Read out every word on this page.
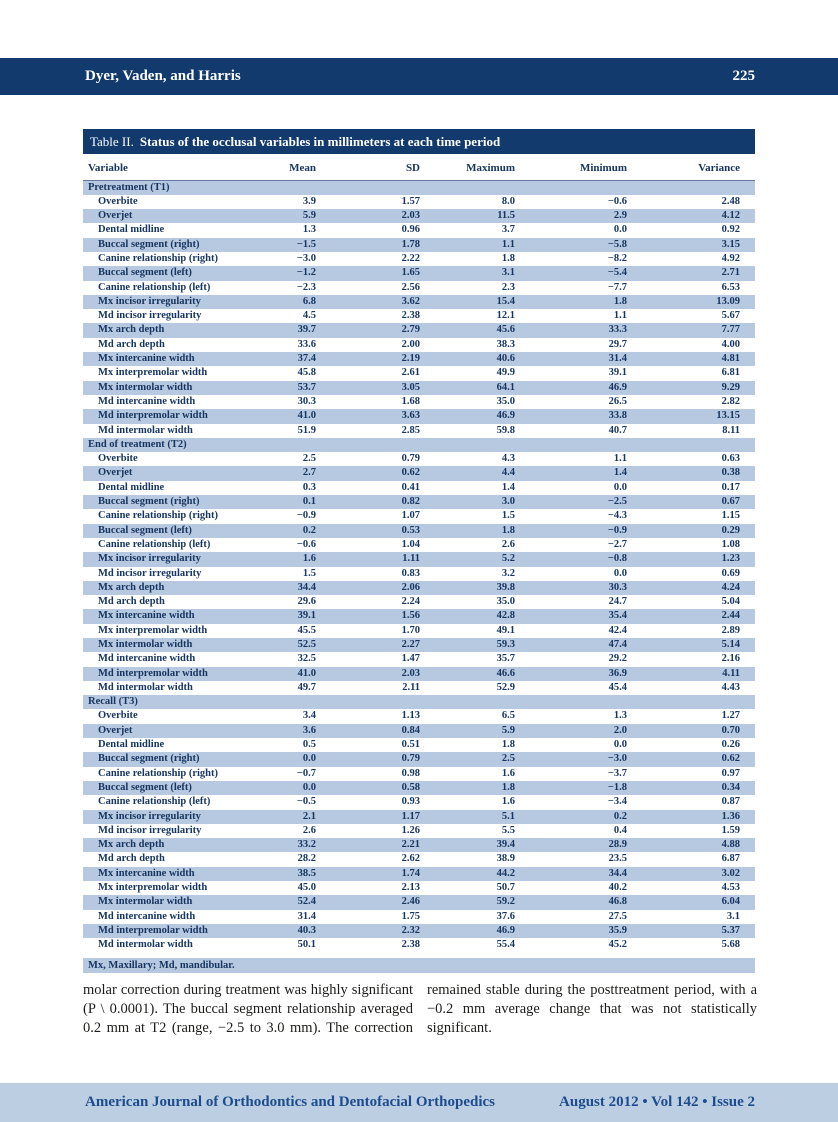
Dyer, Vaden, and Harris	225
Table II. Status of the occlusal variables in millimeters at each time period
Variable	Mean	SD	Maximum	Minimum	Variance
Pretreatment (T1)					
Overbite	3.9	1.57	8.0	−0.6	2.48
Overjet	5.9	2.03	11.5	2.9	4.12
Dental midline	1.3	0.96	3.7	0.0	0.92
Buccal segment (right)	−1.5	1.78	1.1	−5.8	3.15
Canine relationship (right)	−3.0	2.22	1.8	−8.2	4.92
Buccal segment (left)	−1.2	1.65	3.1	−5.4	2.71
Canine relationship (left)	−2.3	2.56	2.3	−7.7	6.53
Mx incisor irregularity	6.8	3.62	15.4	1.8	13.09
Md incisor irregularity	4.5	2.38	12.1	1.1	5.67
Mx arch depth	39.7	2.79	45.6	33.3	7.77
Md arch depth	33.6	2.00	38.3	29.7	4.00
Mx intercanine width	37.4	2.19	40.6	31.4	4.81
Mx interpremolar width	45.8	2.61	49.9	39.1	6.81
Mx intermolar width	53.7	3.05	64.1	46.9	9.29
Md intercanine width	30.3	1.68	35.0	26.5	2.82
Md interpremolar width	41.0	3.63	46.9	33.8	13.15
Md intermolar width	51.9	2.85	59.8	40.7	8.11
End of treatment (T2)					
Overbite	2.5	0.79	4.3	1.1	0.63
Overjet	2.7	0.62	4.4	1.4	0.38
Dental midline	0.3	0.41	1.4	0.0	0.17
Buccal segment (right)	0.1	0.82	3.0	−2.5	0.67
Canine relationship (right)	−0.9	1.07	1.5	−4.3	1.15
Buccal segment (left)	0.2	0.53	1.8	−0.9	0.29
Canine relationship (left)	−0.6	1.04	2.6	−2.7	1.08
Mx incisor irregularity	1.6	1.11	5.2	−0.8	1.23
Md incisor irregularity	1.5	0.83	3.2	0.0	0.69
Mx arch depth	34.4	2.06	39.8	30.3	4.24
Md arch depth	29.6	2.24	35.0	24.7	5.04
Mx intercanine width	39.1	1.56	42.8	35.4	2.44
Mx interpremolar width	45.5	1.70	49.1	42.4	2.89
Mx intermolar width	52.5	2.27	59.3	47.4	5.14
Md intercanine width	32.5	1.47	35.7	29.2	2.16
Md interpremolar width	41.0	2.03	46.6	36.9	4.11
Md intermolar width	49.7	2.11	52.9	45.4	4.43
Recall (T3)					
Overbite	3.4	1.13	6.5	1.3	1.27
Overjet	3.6	0.84	5.9	2.0	0.70
Dental midline	0.5	0.51	1.8	0.0	0.26
Buccal segment (right)	0.0	0.79	2.5	−3.0	0.62
Canine relationship (right)	−0.7	0.98	1.6	−3.7	0.97
Buccal segment (left)	0.0	0.58	1.8	−1.8	0.34
Canine relationship (left)	−0.5	0.93	1.6	−3.4	0.87
Mx incisor irregularity	2.1	1.17	5.1	0.2	1.36
Md incisor irregularity	2.6	1.26	5.5	0.4	1.59
Mx arch depth	33.2	2.21	39.4	28.9	4.88
Md arch depth	28.2	2.62	38.9	23.5	6.87
Mx intercanine width	38.5	1.74	44.2	34.4	3.02
Mx interpremolar width	45.0	2.13	50.7	40.2	4.53
Mx intermolar width	52.4	2.46	59.2	46.8	6.04
Md intercanine width	31.4	1.75	37.6	27.5	3.1
Md interpremolar width	40.3	2.32	46.9	35.9	5.37
Md intermolar width	50.1	2.38	55.4	45.2	5.68
Mx, Maxillary; Md, mandibular.

molar correction during treatment was highly significant (P \ 0.0001). The buccal segment relationship averaged 0.2 mm at T2 (range, −2.5 to 3.0 mm). The correction

remained stable during the posttreatment period, with a −0.2 mm average change that was not statistically significant.

American Journal of Orthodontics and Dentofacial Orthopedics	August 2012 • Vol 142 • Issue 2
